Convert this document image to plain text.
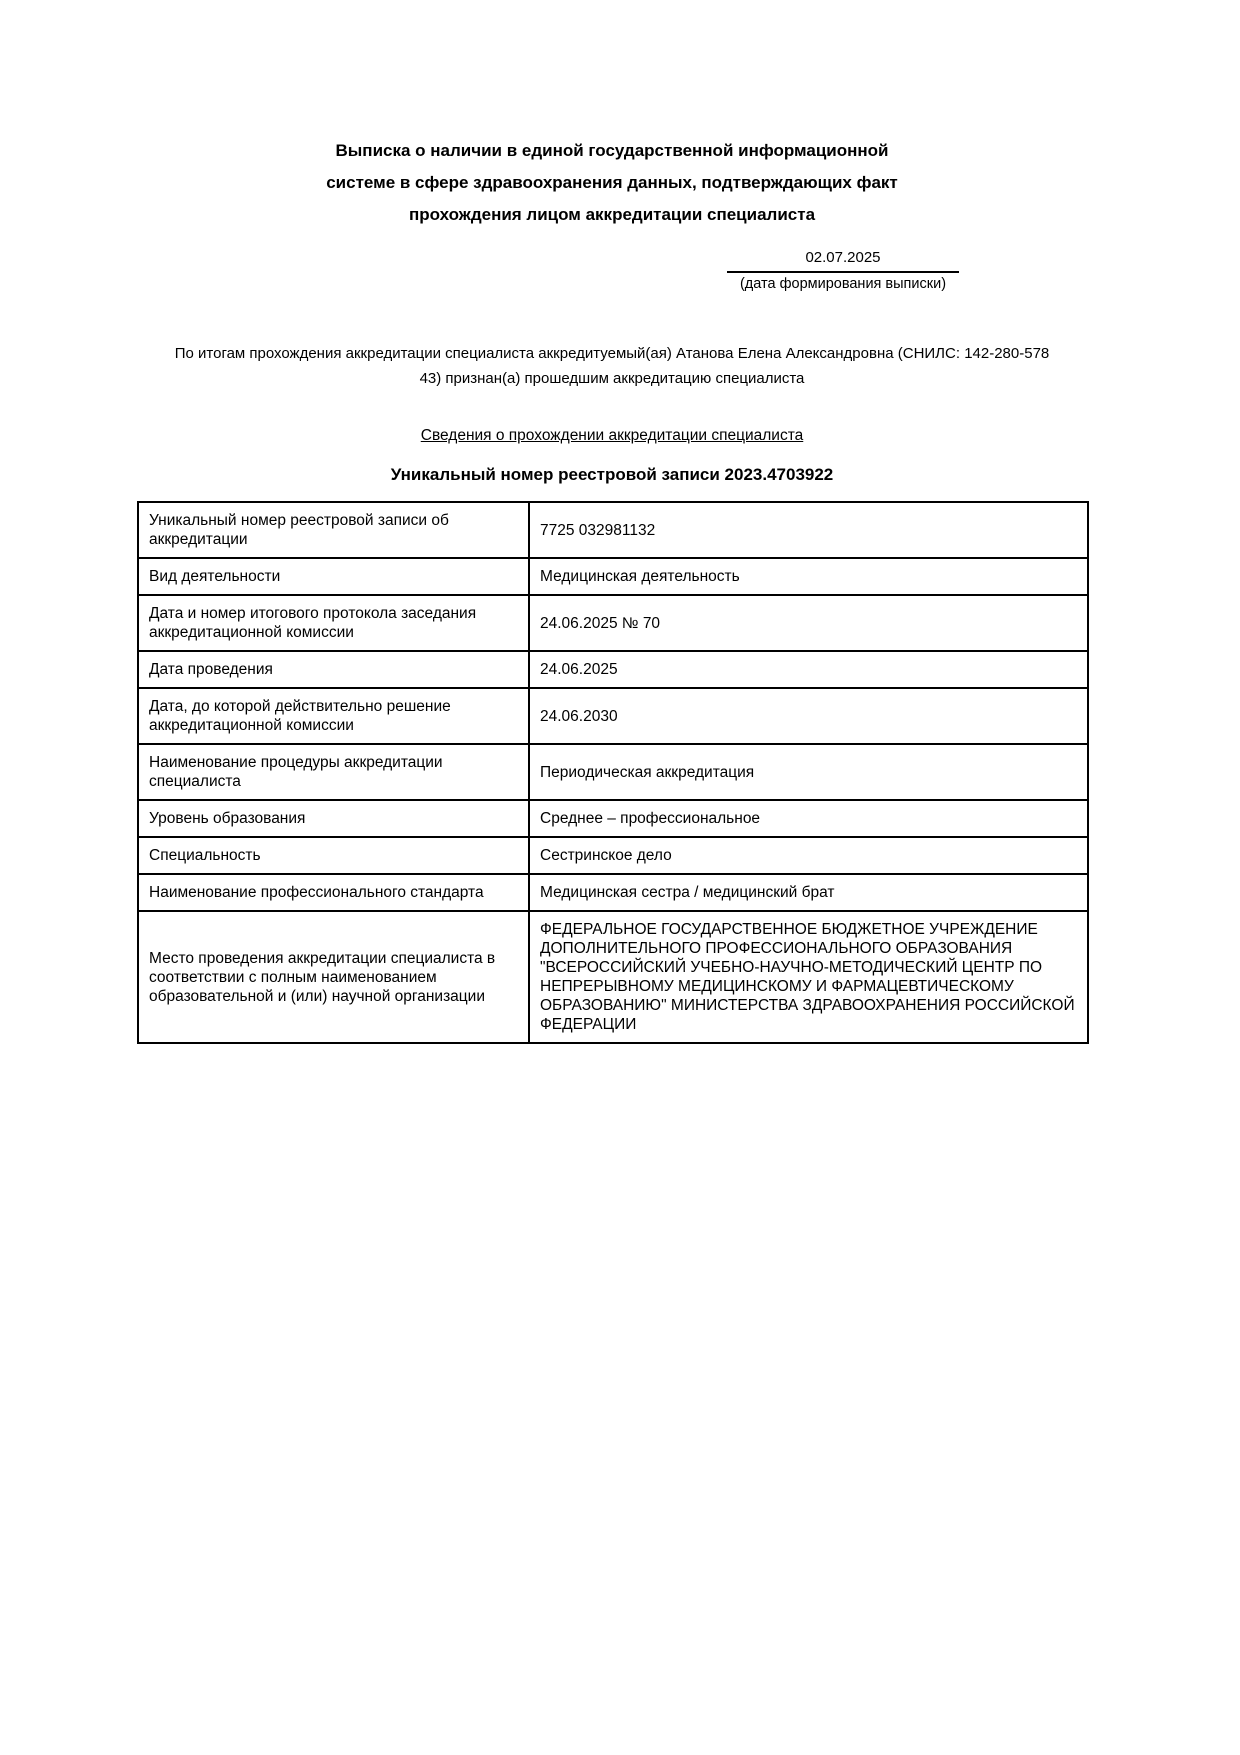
Выписка о наличии в единой государственной информационной
системе в сфере здравоохранения данных, подтверждающих факт
прохождения лицом аккредитации специалиста
02.07.2025
(дата формирования выписки)

По итогам прохождения аккредитации специалиста аккредитуемый(ая) Атанова Елена Александровна (СНИЛС: 142-280-578
43) признан(а) прошедшим аккредитацию специалиста

Сведения о прохождении аккредитации специалиста
Уникальный номер реестровой записи 2023.4703922
Уникальный номер реестровой записи об аккредитации	7725 032981132
Вид деятельности	Медицинская деятельность
Дата и номер итогового протокола заседания аккредитационной комиссии	24.06.2025 № 70
Дата проведения	24.06.2025
Дата, до которой действительно решение аккредитационной комиссии	24.06.2030
Наименование процедуры аккредитации специалиста	Периодическая аккредитация
Уровень образования	Среднее – профессиональное
Специальность	Сестринское дело
Наименование профессионального стандарта	Медицинская сестра / медицинский брат
Место проведения аккредитации специалиста в соответствии с полным наименованием образовательной и (или) научной организации	ФЕДЕРАЛЬНОЕ ГОСУДАРСТВЕННОЕ БЮДЖЕТНОЕ УЧРЕЖДЕНИЕ ДОПОЛНИТЕЛЬНОГО ПРОФЕССИОНАЛЬНОГО ОБРАЗОВАНИЯ "ВСЕРОССИЙСКИЙ УЧЕБНО-НАУЧНО-МЕТОДИЧЕСКИЙ ЦЕНТР ПО НЕПРЕРЫВНОМУ МЕДИЦИНСКОМУ И ФАРМАЦЕВТИЧЕСКОМУ ОБРАЗОВАНИЮ" МИНИСТЕРСТВА ЗДРАВООХРАНЕНИЯ РОССИЙСКОЙ ФЕДЕРАЦИИ
